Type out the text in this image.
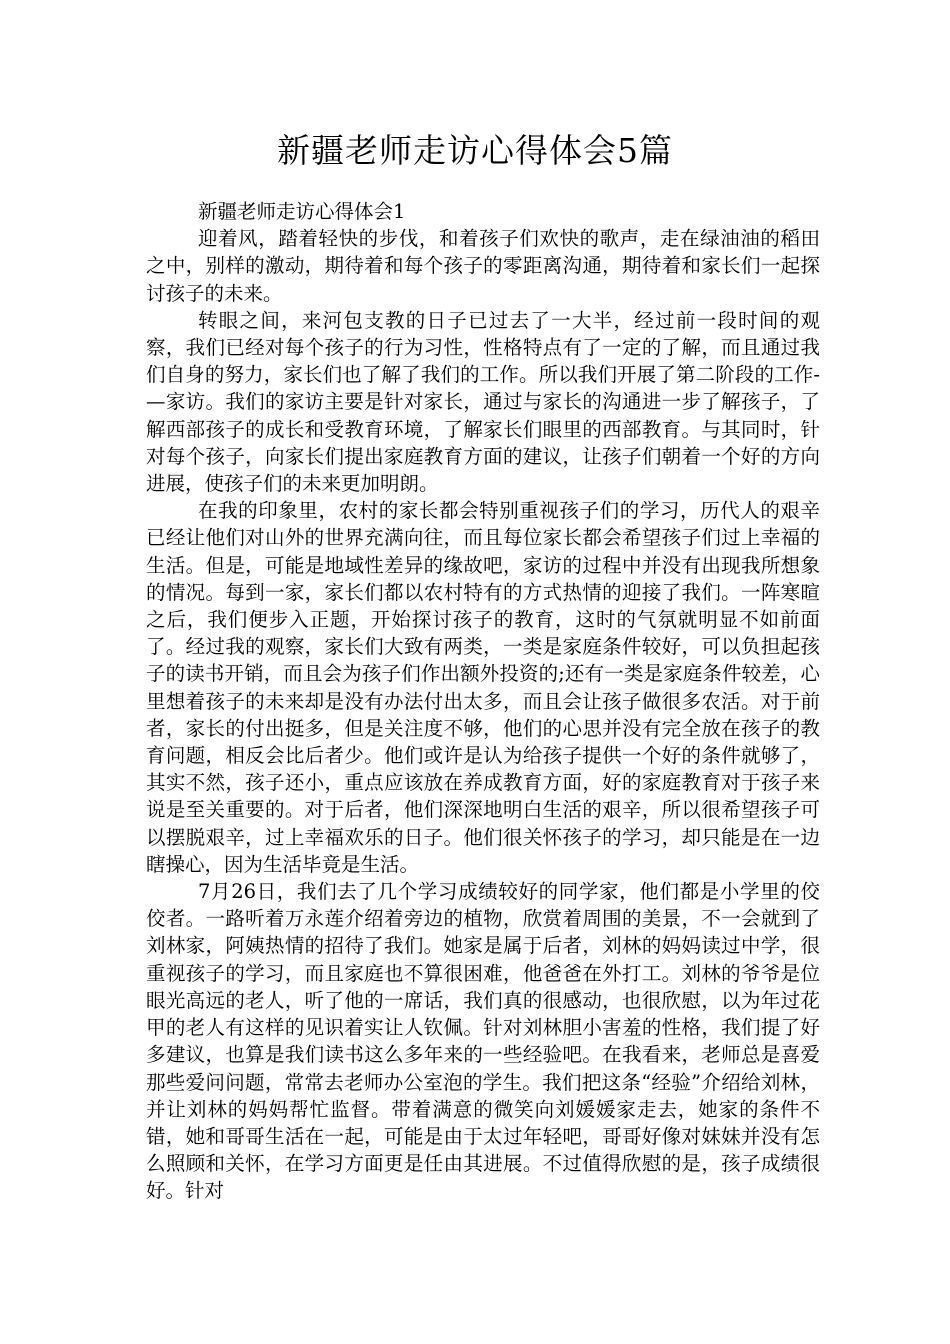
新疆老师走访心得体会5篇

新疆老师走访心得体会1

迎着风，踏着轻快的步伐，和着孩子们欢快的歌声，走在绿油油的稻田之中，别样的激动，期待着和每个孩子的零距离沟通，期待着和家长们一起探讨孩子的未来。

转眼之间，来河包支教的日子已过去了一大半，经过前一段时间的观察，我们已经对每个孩子的行为习性，性格特点有了一定的了解，而且通过我们自身的努力，家长们也了解了我们的工作。所以我们开展了第二阶段的工作-—家访。我们的家访主要是针对家长，通过与家长的沟通进一步了解孩子，了解西部孩子的成长和受教育环境，了解家长们眼里的西部教育。与其同时，针对每个孩子，向家长们提出家庭教育方面的建议，让孩子们朝着一个好的方向进展，使孩子们的未来更加明朗。

在我的印象里，农村的家长都会特别重视孩子们的学习，历代人的艰辛已经让他们对山外的世界充满向往，而且每位家长都会希望孩子们过上幸福的生活。但是，可能是地域性差异的缘故吧，家访的过程中并没有出现我所想象的情况。每到一家，家长们都以农村特有的方式热情的迎接了我们。一阵寒暄之后，我们便步入正题，开始探讨孩子的教育，这时的气氛就明显不如前面了。经过我的观察，家长们大致有两类，一类是家庭条件较好，可以负担起孩子的读书开销，而且会为孩子们作出额外投资的;还有一类是家庭条件较差，心里想着孩子的未来却是没有办法付出太多，而且会让孩子做很多农活。对于前者，家长的付出挺多，但是关注度不够，他们的心思并没有完全放在孩子的教育问题，相反会比后者少。他们或许是认为给孩子提供一个好的条件就够了，其实不然，孩子还小，重点应该放在养成教育方面，好的家庭教育对于孩子来说是至关重要的。对于后者，他们深深地明白生活的艰辛，所以很希望孩子可以摆脱艰辛，过上幸福欢乐的日子。他们很关怀孩子的学习，却只能是在一边瞎操心，因为生活毕竟是生活。

7月26日，我们去了几个学习成绩较好的同学家，他们都是小学里的佼佼者。一路听着万永莲介绍着旁边的植物，欣赏着周围的美景，不一会就到了刘林家，阿姨热情的招待了我们。她家是属于后者，刘林的妈妈读过中学，很重视孩子的学习，而且家庭也不算很困难，他爸爸在外打工。刘林的爷爷是位眼光高远的老人，听了他的一席话，我们真的很感动，也很欣慰，以为年过花甲的老人有这样的见识着实让人钦佩。针对刘林胆小害羞的性格，我们提了好多建议，也算是我们读书这么多年来的一些经验吧。在我看来，老师总是喜爱那些爱问问题，常常去老师办公室泡的学生。我们把这条“经验”介绍给刘林，并让刘林的妈妈帮忙监督。带着满意的微笑向刘媛媛家走去，她家的条件不错，她和哥哥生活在一起，可能是由于太过年轻吧，哥哥好像对妹妹并没有怎么照顾和关怀，在学习方面更是任由其进展。不过值得欣慰的是，孩子成绩很好。针对
